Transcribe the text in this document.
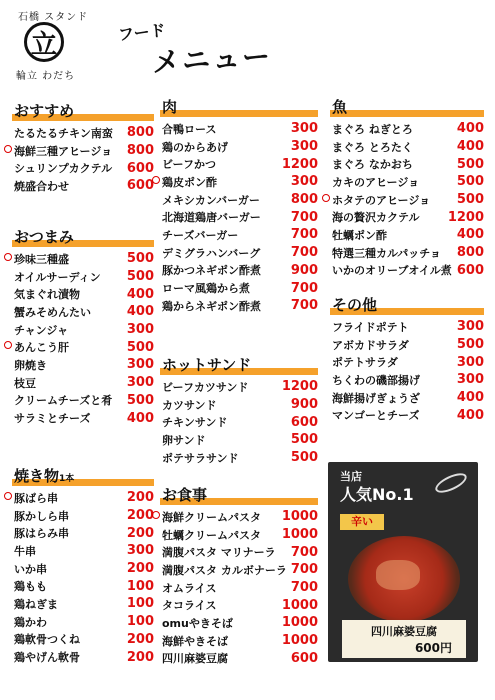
石橋 スタンド
立
輪立 わだち
フード
メニュー
おすすめ
たるたるチキン南蛮 800
海鮮三種アヒージョ 800
シュリンプカクテル 600
焼盛合わせ	600
おつまみ
珍味三種盛	500
オイルサーディン 500
気まぐれ漬物	400
蟹みそめんたい	400
チャンジャ	300
あんこう肝	500
卵焼き	300
枝豆	300
クリームチーズと肴 500
サラミとチーズ	400
焼き物1本
豚ばら串	200
豚かしら串	200
豚はらみ串	200
牛串	300
いか串	200
鶏もも	100
鶏ねぎま	100
鶏かわ	100
鶏軟骨つくね	200
鶏やげん軟骨	200
肉
合鴨ロース	300
鶏のからあげ	300
ビーフかつ	1200
鶏皮ポン酢	300
メキシカンバーガー 800
北海道鶏唐バーガー 700
チーズバーガー	700
デミグラハンバーグ 700
豚かつネギポン酢煮 900
ローマ風鶏から煮	700
鶏からネギポン酢煮 700
ホットサンド
ビーフカツサンド	1200
カツサンド	900
チキンサンド	600
卵サンド	500
ポテサラサンド	500
お食事
海鮮クリームパスタ 1000
牡蠣クリームパスタ 1000
満腹パスタ マリナーラ 700
満腹パスタ カルボナーラ 700
オムライス	700
タコライス	1000
omuやきそば	1000
海鮮やきそば	1000
四川麻婆豆腐	600
魚
まぐろ ねぎとろ	400
まぐろ とろたく	400
まぐろ なかおち	500
カキのアヒージョ	500
ホタテのアヒージョ 500
海の贅沢カクテル 1200
牡蠣ポン酢	400
特選三種カルパッチョ 800
いかのオリーブオイル煮 600
その他
フライドポテト	300
アボカドサラダ	500
ポテトサラダ	300
ちくわの磯部揚げ	300
海鮮揚げぎょうざ	400
マンゴーとチーズ	400
当店
人気No.1
辛い
四川麻婆豆腐
600円
